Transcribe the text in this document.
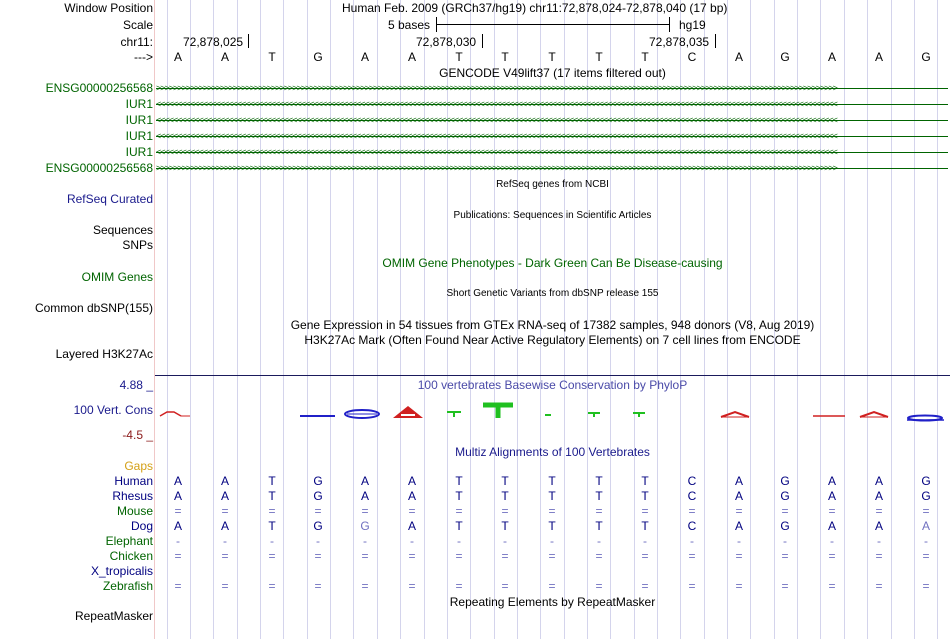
Window Position	Human Feb. 2009 (GRCh37/hg19) chr11:72,878,024-72,878,040 (17 bp)
Scale	5 bases	hg19
chr11:	72,878,025	72,878,030	72,878,035
--->	A	A	T	G	A	A	T	T	T	T	T	C	A	G	A	A	G
GENCODE V49lift37 (17 items filtered out)
ENSG00000256568
IUR1
IUR1
IUR1
IUR1
ENSG00000256568
RefSeq genes from NCBI
RefSeq Curated
Publications: Sequences in Scientific Articles
Sequences
SNPs
OMIM Gene Phenotypes - Dark Green Can Be Disease-causing
OMIM Genes
Short Genetic Variants from dbSNP release 155
Common dbSNP(155)
Gene Expression in 54 tissues from GTEx RNA-seq of 17382 samples, 948 donors (V8, Aug 2019)
H3K27Ac Mark (Often Found Near Active Regulatory Elements) on 7 cell lines from ENCODE
Layered H3K27Ac
100 vertebrates Basewise Conservation by PhyloP
4.88 _
100 Vert. Cons
-4.5 _
Multiz Alignments of 100 Vertebrates
Gaps
Human	A	A	T	G	A	A	T	T	T	T	T	C	A	G	A	A	G
Rhesus	A	A	T	G	A	A	T	T	T	T	T	C	A	G	A	A	G
Mouse	=	=	=	=	=	=	=	=	=	=	=	=	=	=	=	=	=
Dog	A	A	T	G	G	A	T	T	T	T	T	C	A	G	A	A	A
Elephant	-	-	-	-	-	-	-	-	-	-	-	-	-	-	-	-	-
Chicken	=	=	=	=	=	=	=	=	=	=	=	=	=	=	=	=	=
X_tropicalis
Zebrafish	=	=	=	=	=	=	=	=	=	=	=	=	=	=	=	=	=
Repeating Elements by RepeatMasker
RepeatMasker
